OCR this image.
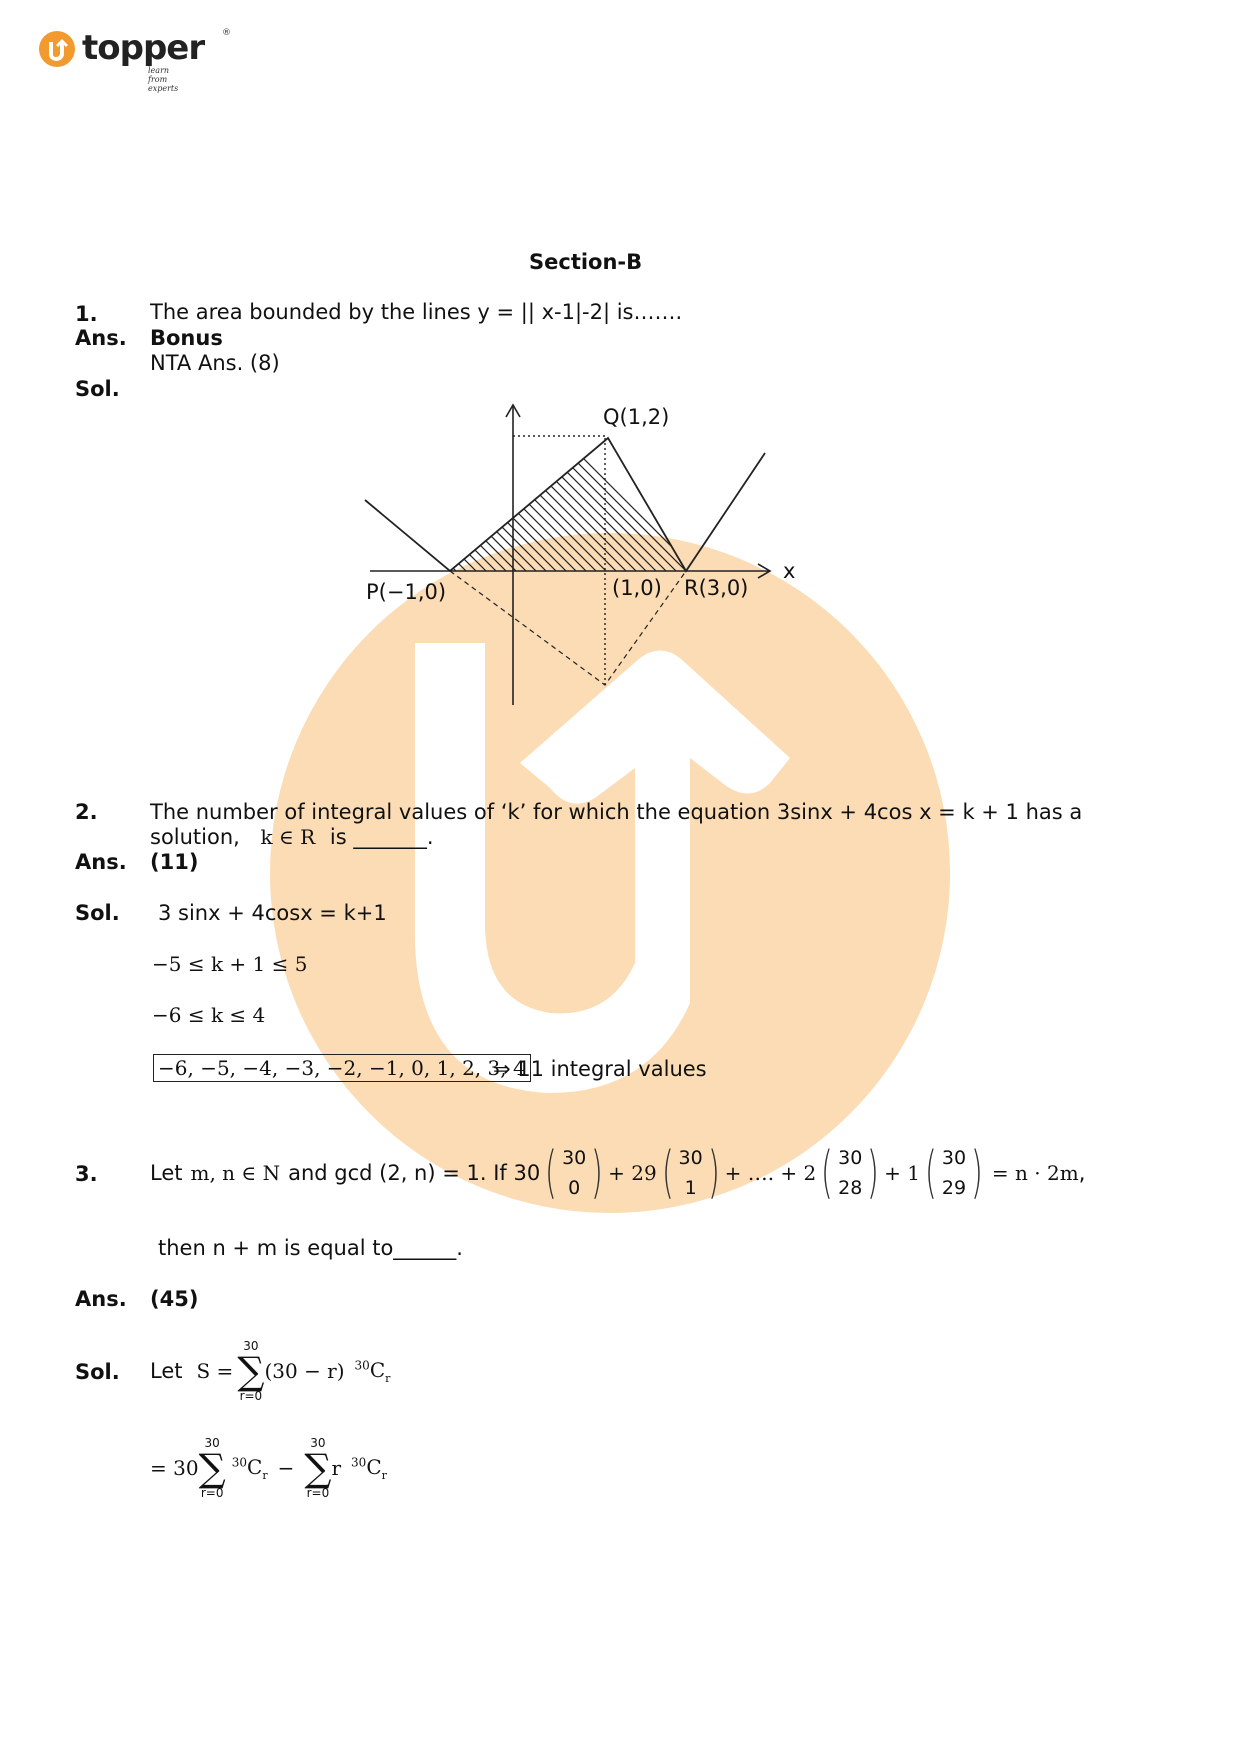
topper ®
learn from experts
Section-B
1. The area bounded by the lines y = || x-1|-2| is…….
Ans. Bonus
NTA Ans. (8)
Sol.
Q(1,2)
P(−1,0)	(1,0) R(3,0)
x
2. The number of integral values of ‘k’ for which the equation 3sinx + 4cos x = k + 1 has a
solution, k ∈ R is _______.
Ans. (11)
Sol. 3 sinx + 4cosx = k+1
−5 ≤ k + 1 ≤ 5
−6 ≤ k ≤ 4
−6, −5, −4, −3, −2, −1, 0, 1, 2, 3, 4
⇒ 11 integral values
3. Let m, n ∈ N and gcd (2, n) = 1. If 30 ( 30
0 ) + 29 ( 30
1 ) + …. + 2 ( 30
28 ) + 1 ( 30
29 ) = n · 2 m ,
then n + m is equal to______.
Ans. (45)
Sol. Let S =
30
∑
r=0
(30 − r) $^{30}C_r$
= 30
30
∑
r=0
$^{30}C_r$ −
30
∑
r=0
r $^{30}C_r$
